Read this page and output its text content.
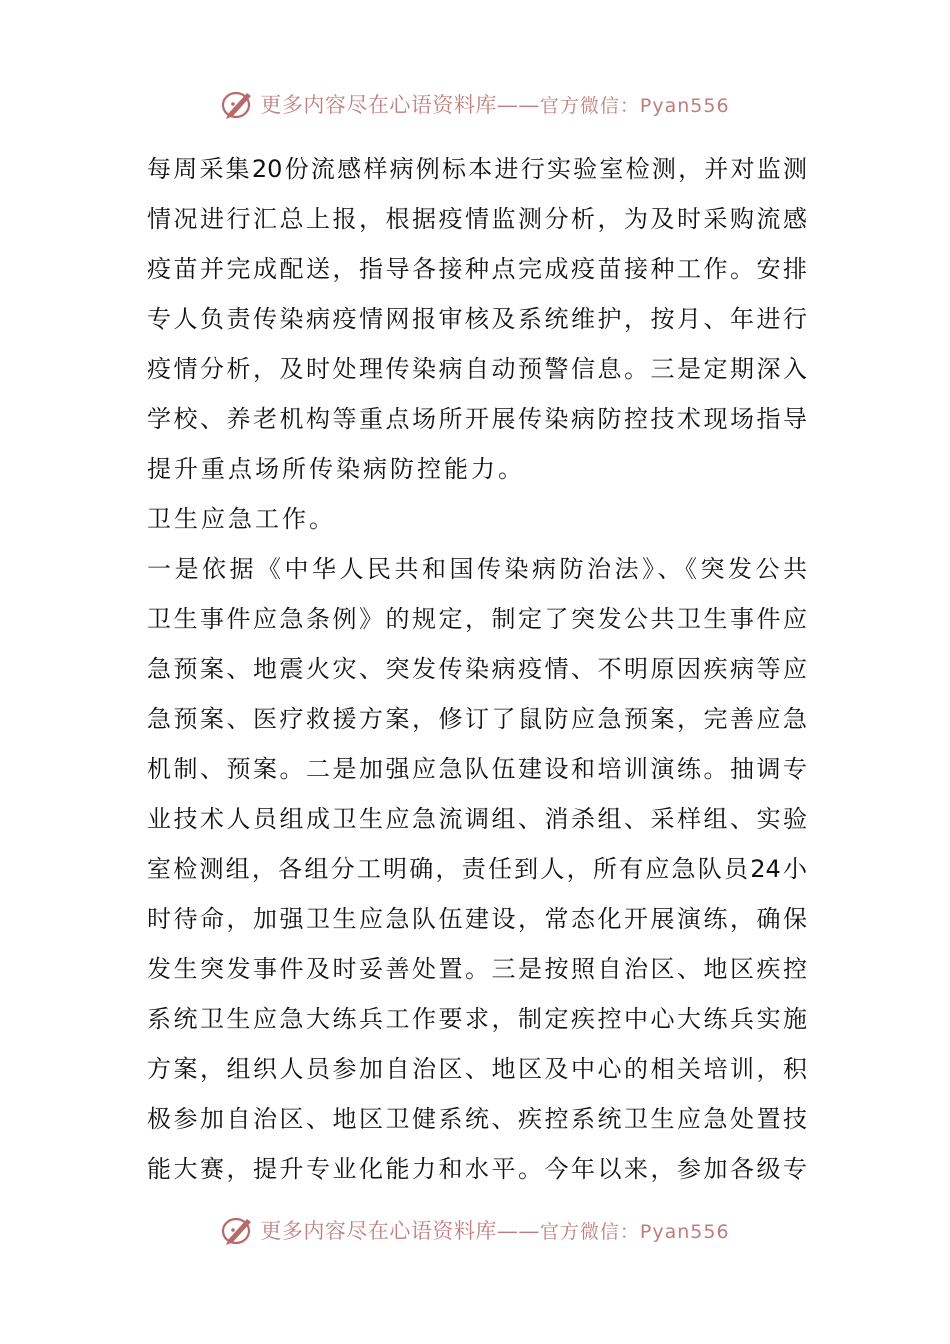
更多内容尽在心语资料库—— 官方微信：Pyan556
每周采集20份流感样病例标本进行实验室检测，并对监测
情况进行汇总上报，根据疫情监测分析，为及时采购流感
疫苗并完成配送，指导各接种点完成疫苗接种工作。安排
专人负责传染病疫情网报审核及系统维护，按月、年进行
疫情分析，及时处理传染病自动预警信息。三是定期深入
学校、养老机构等重点场所开展传染病防控技术现场指导
提升重点场所传染病防控能力。
卫生应急工作。
一是依据《中华人民共和国传染病防治法》、《突发公共
卫生事件应急条例》的规定，制定了突发公共卫生事件应
急预案、地震火灾、突发传染病疫情、不明原因疾病等应
急预案、医疗救援方案，修订了鼠防应急预案，完善应急
机制、预案。二是加强应急队伍建设和培训演练。抽调专
业技术人员组成卫生应急流调组、消杀组、采样组、实验
室检测组，各组分工明确，责任到人，所有应急队员24小
时待命，加强卫生应急队伍建设，常态化开展演练，确保
发生突发事件及时妥善处置。三是按照自治区、地区疾控
系统卫生应急大练兵工作要求，制定疾控中心大练兵实施
方案，组织人员参加自治区、地区及中心的相关培训，积
极参加自治区、地区卫健系统、疾控系统卫生应急处置技
能大赛，提升专业化能力和水平。今年以来，参加各级专
更多内容尽在心语资料库—— 官方微信：Pyan556
